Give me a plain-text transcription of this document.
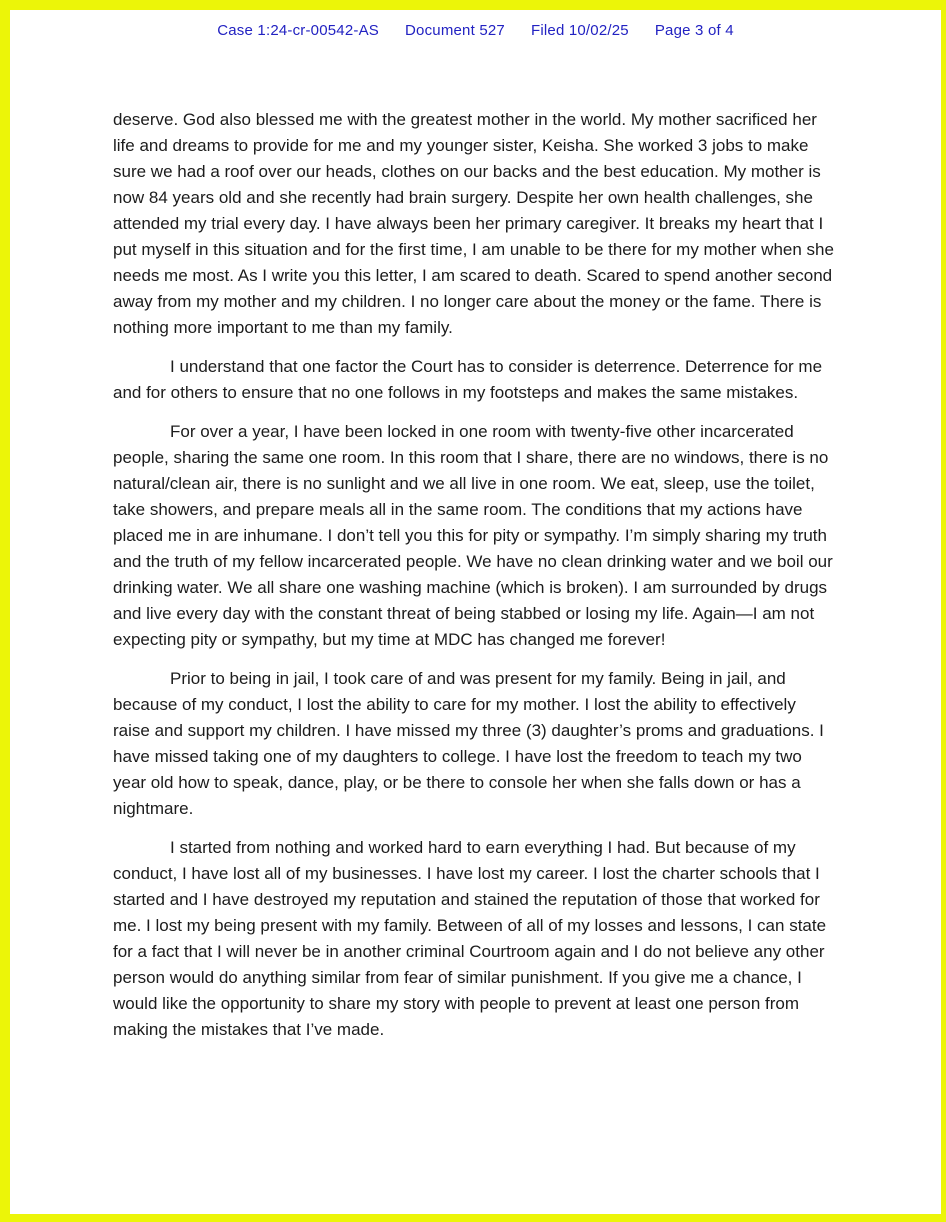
Case 1:24-cr-00542-AS Document 527 Filed 10/02/25 Page 3 of 4

deserve. God also blessed me with the greatest mother in the world. My mother sacrificed her life and dreams to provide for me and my younger sister, Keisha. She worked 3 jobs to make sure we had a roof over our heads, clothes on our backs and the best education. My mother is now 84 years old and she recently had brain surgery. Despite her own health challenges, she attended my trial every day. I have always been her primary caregiver. It breaks my heart that I put myself in this situation and for the first time, I am unable to be there for my mother when she needs me most. As I write you this letter, I am scared to death. Scared to spend another second away from my mother and my children. I no longer care about the money or the fame. There is nothing more important to me than my family.

I understand that one factor the Court has to consider is deterrence. Deterrence for me and for others to ensure that no one follows in my footsteps and makes the same mistakes.

For over a year, I have been locked in one room with twenty-five other incarcerated people, sharing the same one room. In this room that I share, there are no windows, there is no natural/clean air, there is no sunlight and we all live in one room. We eat, sleep, use the toilet, take showers, and prepare meals all in the same room. The conditions that my actions have placed me in are inhumane. I don’t tell you this for pity or sympathy. I’m simply sharing my truth and the truth of my fellow incarcerated people. We have no clean drinking water and we boil our drinking water. We all share one washing machine (which is broken). I am surrounded by drugs and live every day with the constant threat of being stabbed or losing my life. Again—I am not expecting pity or sympathy, but my time at MDC has changed me forever!

Prior to being in jail, I took care of and was present for my family. Being in jail, and because of my conduct, I lost the ability to care for my mother. I lost the ability to effectively raise and support my children. I have missed my three (3) daughter’s proms and graduations. I have missed taking one of my daughters to college. I have lost the freedom to teach my two year old how to speak, dance, play, or be there to console her when she falls down or has a nightmare.

I started from nothing and worked hard to earn everything I had. But because of my conduct, I have lost all of my businesses. I have lost my career. I lost the charter schools that I started and I have destroyed my reputation and stained the reputation of those that worked for me. I lost my being present with my family. Between of all of my losses and lessons, I can state for a fact that I will never be in another criminal Courtroom again and I do not believe any other person would do anything similar from fear of similar punishment. If you give me a chance, I would like the opportunity to share my story with people to prevent at least one person from making the mistakes that I’ve made.
